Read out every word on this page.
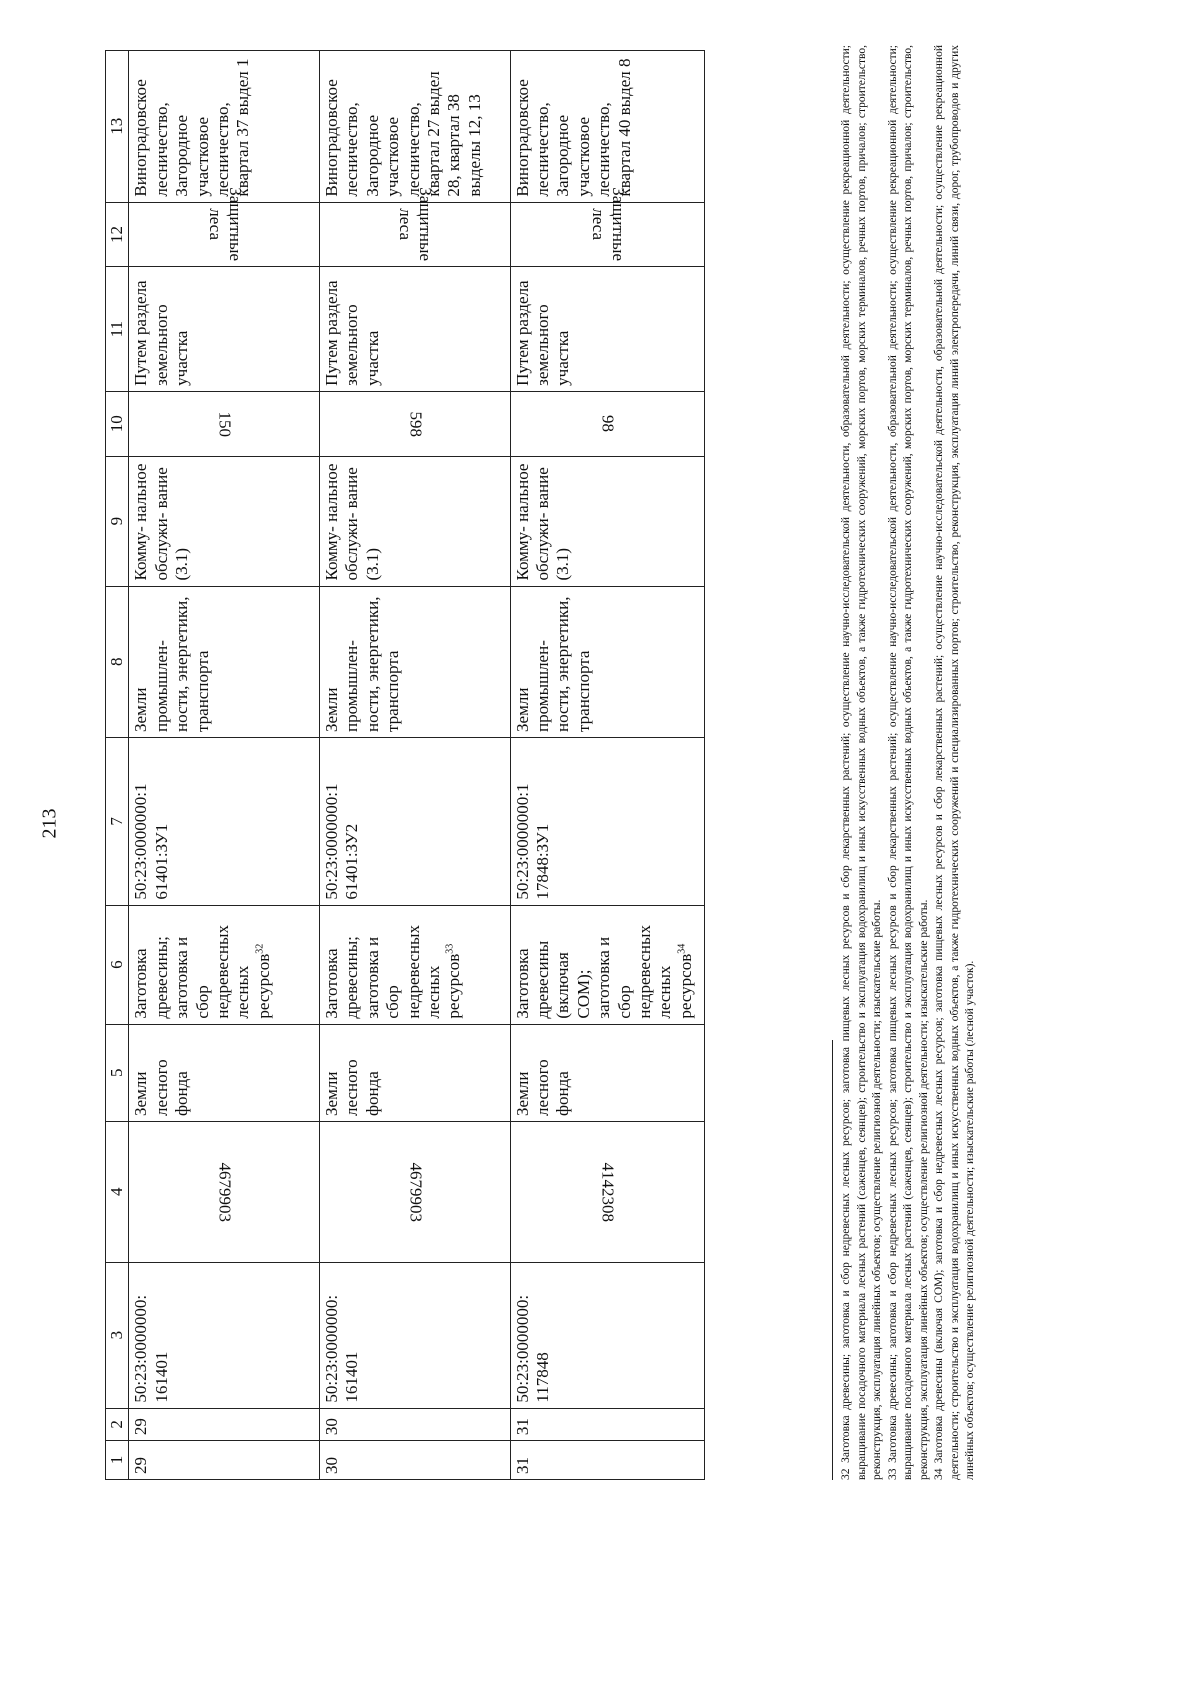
213
1	2	3	4	5	6	7	8	9	10	11	12	13
29	29	50:23:0000000: 161401	4679903	Земли лесного фонда	Заготовка древесины; заготовка и сбор недревесных лесных ресурсов$^{32}$	50:23:0000000:1 61401:ЗУ1	Земли промышлен- ности, энергетики, транспорта	Комму- нальное обслужи- вание (3.1)	150	Путем раздела земельного участка	Защитные леса	Виноградовское лесничество, Загородное участковое лесничество, квартал 37 выдел 1
30	30	50:23:0000000: 161401	4679903	Земли лесного фонда	Заготовка древесины; заготовка и сбор недревесных лесных ресурсов$^{33}$	50:23:0000000:1 61401:ЗУ2	Земли промышлен- ности, энергетики, транспорта	Комму- нальное обслужи- вание (3.1)	598	Путем раздела земельного участка	Защитные леса	Виноградовское лесничество, Загородное участковое лесничество, квартал 27 выдел 28, квартал 38 выделы 12, 13
31	31	50:23:0000000: 117848	4142308	Земли лесного фонда	Заготовка древесины (включая СОМ); заготовка и сбор недревесных лесных ресурсов$^{34}$	50:23:0000000:1 17848:ЗУ1	Земли промышлен- ности, энергетики, транспорта	Комму- нальное обслужи- вание (3.1)	98	Путем раздела земельного участка	Защитные леса	Виноградовское лесничество, Загородное участковое лесничество, квартал 40 выдел 8	32 Заготовка древесины; заготовка и сбор недревесных лесных ресурсов; заготовка пищевых лесных ресурсов и сбор лекарственных растений; осуществление научно-исследовательской деятельности, образовательной деятельности; осуществление рекреационной деятельности; выращивание посадочного материала лесных растений (саженцев, сеянцев); строительство и эксплуатация водохранилищ и иных искусственных водных объектов, а также гидротехнических сооружений, морских портов, морских терминалов, речных портов, причалов; строительство, реконструкция, эксплуатация линейных объектов; осуществление религиозной деятельности; изыскательские работы. 33 Заготовка древесины; заготовка и сбор недревесных лесных ресурсов; заготовка пищевых лесных ресурсов и сбор лекарственных растений; осуществление научно-исследовательской деятельности, образовательной деятельности; осуществление рекреационной деятельности; выращивание посадочного материала лесных растений (саженцев, сеянцев); строительство и эксплуатация водохранилищ и иных искусственных водных объектов, а также гидротехнических сооружений, морских портов, морских терминалов, речных портов, причалов; строительство, реконструкция, эксплуатация линейных объектов; осуществление религиозной деятельности; изыскательские работы. 34 Заготовка древесины (включая СОМ); заготовка и сбор недревесных лесных ресурсов; заготовка пищевых лесных ресурсов и сбор лекарственных растений; осуществление научно-исследовательской деятельности, образовательной деятельности; осуществление рекреационной деятельности; строительство и эксплуатация водохранилищ и иных искусственных водных объектов, а также гидротехнических сооружений и специализированных портов; строительство, реконструкция, эксплуатация линий электропередачи, линий связи, дорог, трубопроводов и других линейных объектов; осуществление религиозной деятельности; изыскательские работы (лесной участок).
